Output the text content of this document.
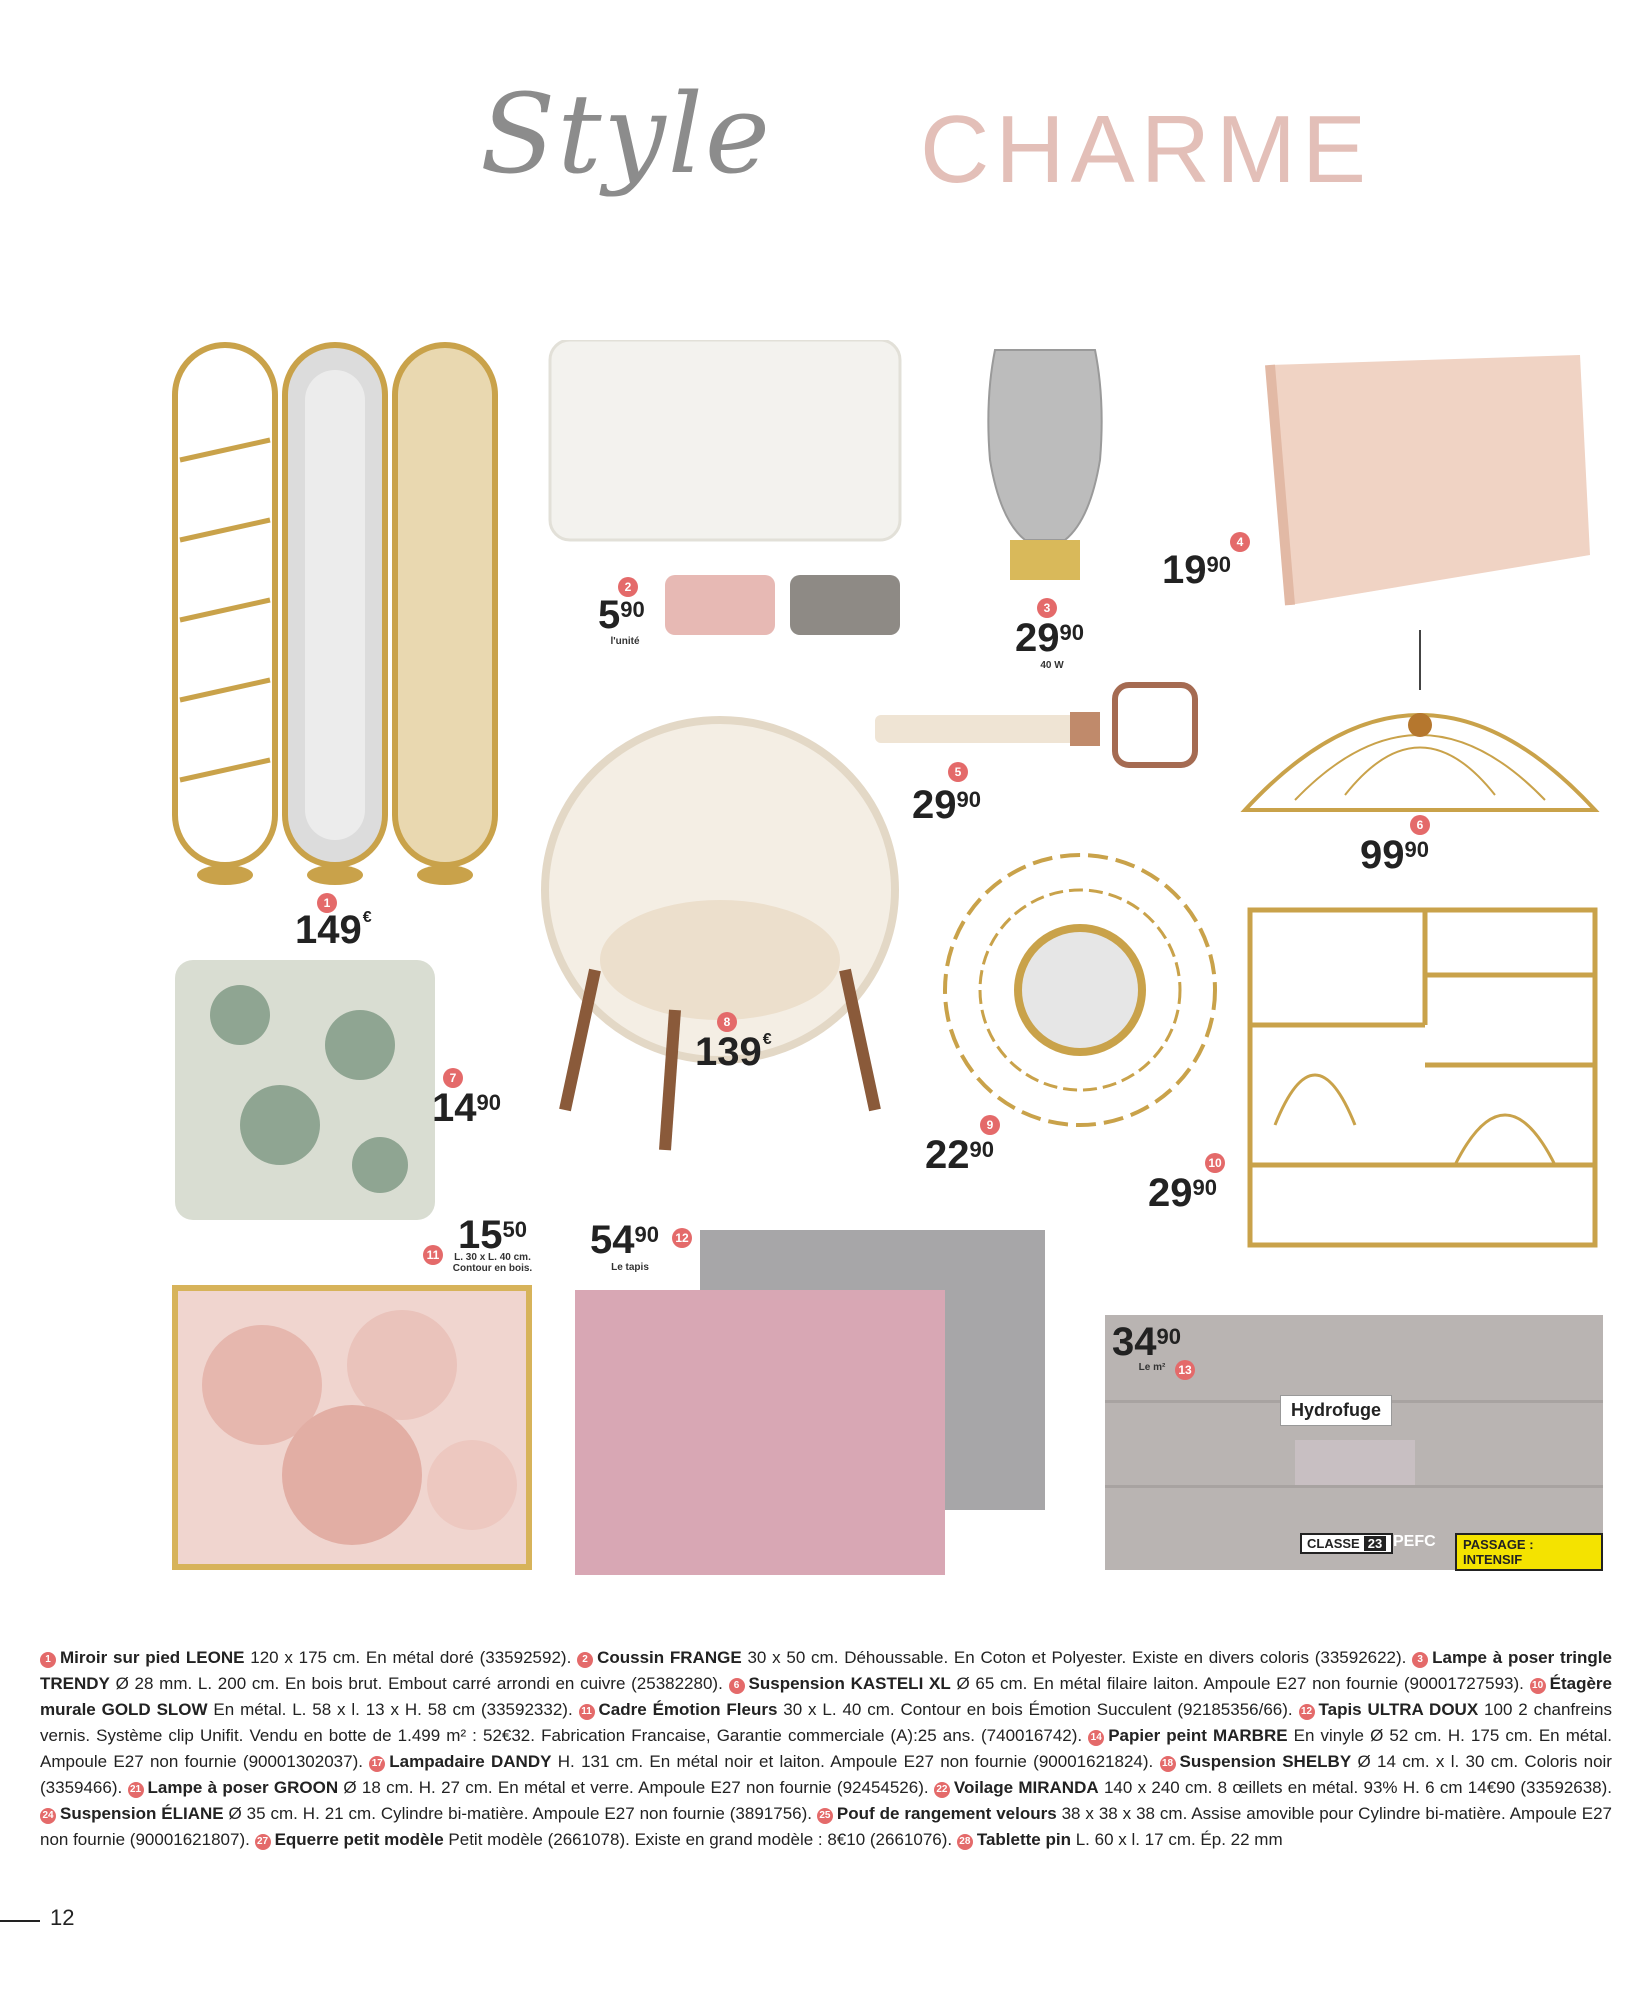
Style CHARME
Hydrofuge
CLASSE 23 PEFC	PASSAGE : INTENSIF
1
149€
2
$5^{90}$
l'unité
3
$29^{90}$
40 W
4
$19^{90}$
5
$29^{90}$
6
$99^{90}$
7
$14^{90}$
8
139€
9
$22^{90}$
10
$29^{90}$
11 $15^{50}$
L. 30 x L. 40 cm. Contour en bois.
$54^{90}$ 12
Le tapis
$34^{90}$
Le m²	13
1 Miroir sur pied LEONE 120 x 175 cm. En métal doré (33592592). 2 Coussin FRANGE 30 x 50 cm. Déhoussable. En Coton et Polyester. Existe en divers coloris (33592622). 3 Lampe à poser tringle TRENDY Ø 28 mm. L. 200 cm. En bois brut. Embout carré arrondi en cuivre (25382280). 6 Suspension KASTELI XL Ø 65 cm. En métal filaire laiton. Ampoule E27 non fournie (90001727593). 10 Étagère murale GOLD SLOW En métal. L. 58 x l. 13 x H. 58 cm (33592332). 11 Cadre Émotion Fleurs 30 x L. 40 cm. Contour en bois Émotion Succulent (92185356/66). 12 Tapis ULTRA DOUX 100 2 chanfreins vernis. Système clip Unifit. Vendu en botte de 1.499 m² : 52€32. Fabrication Francaise, Garantie commerciale (A):25 ans. (740016742). 14 Papier peint MARBRE En vinyle Ø 52 cm. H. 175 cm. En métal. Ampoule E27 non fournie (90001302037). 17 Lampadaire DANDY H. 131 cm. En métal noir et laiton. Ampoule E27 non fournie (90001621824). 18 Suspension SHELBY Ø 14 cm. x l. 30 cm. Coloris noir (3359466). 21 Lampe à poser GROON Ø 18 cm. H. 27 cm. En métal et verre. Ampoule E27 non fournie (92454526). 22 Voilage MIRANDA 140 x 240 cm. 8 œillets en métal. 93% H. 6 cm 14€90 (33592638). 24 Suspension ÉLIANE Ø 35 cm. H. 21 cm. Cylindre bi-matière. Ampoule E27 non fournie (3891756). 25 Pouf de rangement velours 38 x 38 x 38 cm. Assise amovible pour Cylindre bi-matière. Ampoule E27 non fournie (90001621807). 27 Equerre petit modèle Petit modèle (2661078). Existe en grand modèle : 8€10 (2661076). 28 Tablette pin L. 60 x l. 17 cm. Ép. 22 mm
12
